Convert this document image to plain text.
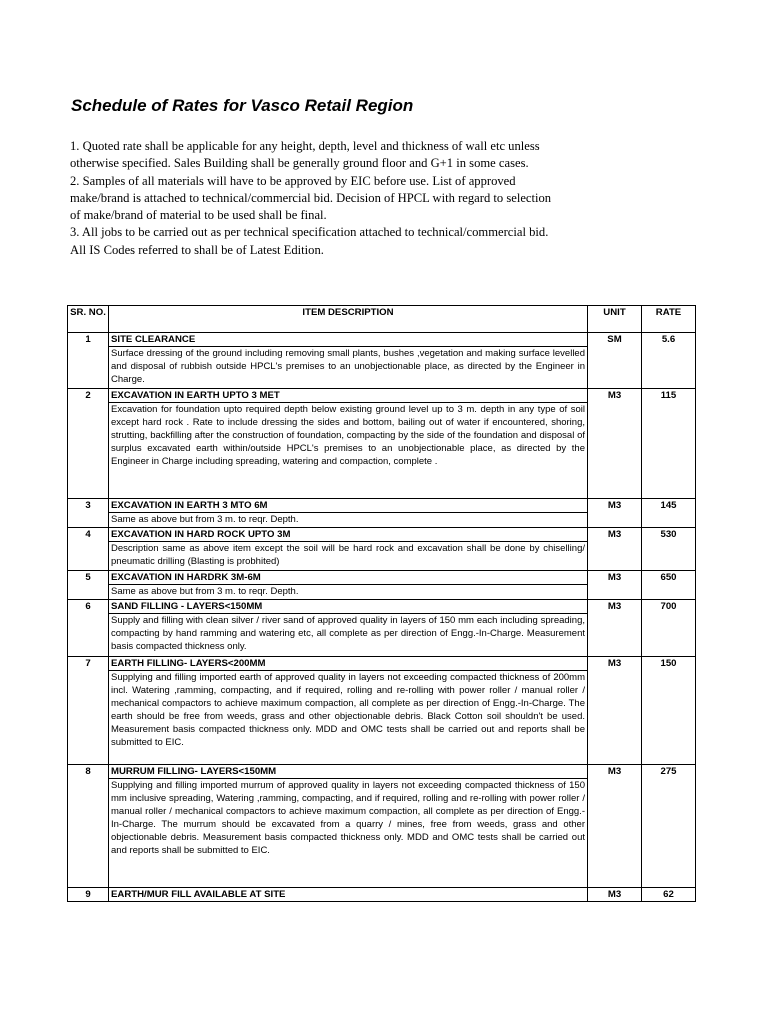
Schedule of Rates for Vasco Retail Region

1. Quoted rate shall be applicable for any height, depth, level and thickness of wall etc unless otherwise specified. Sales Building shall be generally ground floor and G+1 in some cases.

2. Samples of all materials will have to be approved by EIC before use. List of approved make/brand is attached to technical/commercial bid. Decision of HPCL with regard to selection of make/brand of material to be used shall be final.

3. All jobs to be carried out as per technical specification attached to technical/commercial bid. All IS Codes referred to shall be of Latest Edition.

SR. NO.	ITEM DESCRIPTION	UNIT	RATE
1	SITE CLEARANCE	SM	5.6
	Surface dressing of the ground including removing small plants, bushes ,vegetation and making surface levelled and disposal of rubbish outside HPCL's premises to an unobjectionable place, as directed by the Engineer in Charge.		
2	EXCAVATION IN EARTH UPTO 3 MET	M3	115
	Excavation for foundation upto required depth below existing ground level up to 3 m. depth in any type of soil except hard rock . Rate to include dressing the sides and bottom, bailing out of water if encountered, shoring, strutting, backfilling after the construction of foundation, compacting by the side of the foundation and disposal of surplus excavated earth within/outside HPCL's premises to an unobjectionable place, as directed by the Engineer in Charge including spreading, watering and compaction, complete .		
3	EXCAVATION IN EARTH 3 MTO 6M	M3	145
	Same as above but from 3 m. to reqr. Depth.		
4	EXCAVATION IN HARD ROCK UPTO 3M	M3	530
	Description same as above item except the soil will be hard rock and excavation shall be done by chiselling/ pneumatic drilling (Blasting is probhited)		
5	EXCAVATION IN HARDRK 3M-6M	M3	650
	Same as above but from 3 m. to reqr. Depth.		
6	SAND FILLING - LAYERS<150MM	M3	700
	Supply and filling with clean silver / river sand of approved quality in layers of 150 mm each including spreading, compacting by hand ramming and watering etc, all complete as per direction of Engg.-In-Charge. Measurement basis compacted thickness only.		
7	EARTH FILLING- LAYERS<200MM	M3	150
	Supplying and filling imported earth of approved quality in layers not exceeding compacted thickness of 200mm incl. Watering ,ramming, compacting, and if required, rolling and re-rolling with power roller / manual roller / mechanical compactors to achieve maximum compaction, all complete as per direction of Engg.-In-Charge. The earth should be free from weeds, grass and other objectionable debris. Black Cotton soil shouldn't be used. Measurement basis compacted thickness only. MDD and OMC tests shall be carried out and reports shall be submitted to EIC.		
8	MURRUM FILLING- LAYERS<150MM	M3	275
	Supplying and filling imported murrum of approved quality in layers not exceeding compacted thickness of 150 mm inclusive spreading, Watering ,ramming, compacting, and if required, rolling and re-rolling with power roller / manual roller / mechanical compactors to achieve maximum compaction, all complete as per direction of Engg.-In-Charge. The murrum should be excavated from a quarry / mines, free from weeds, grass and other objectionable debris. Measurement basis compacted thickness only. MDD and OMC tests shall be carried out and reports shall be submitted to EIC.		
9	EARTH/MUR FILL AVAILABLE AT SITE	M3	62
